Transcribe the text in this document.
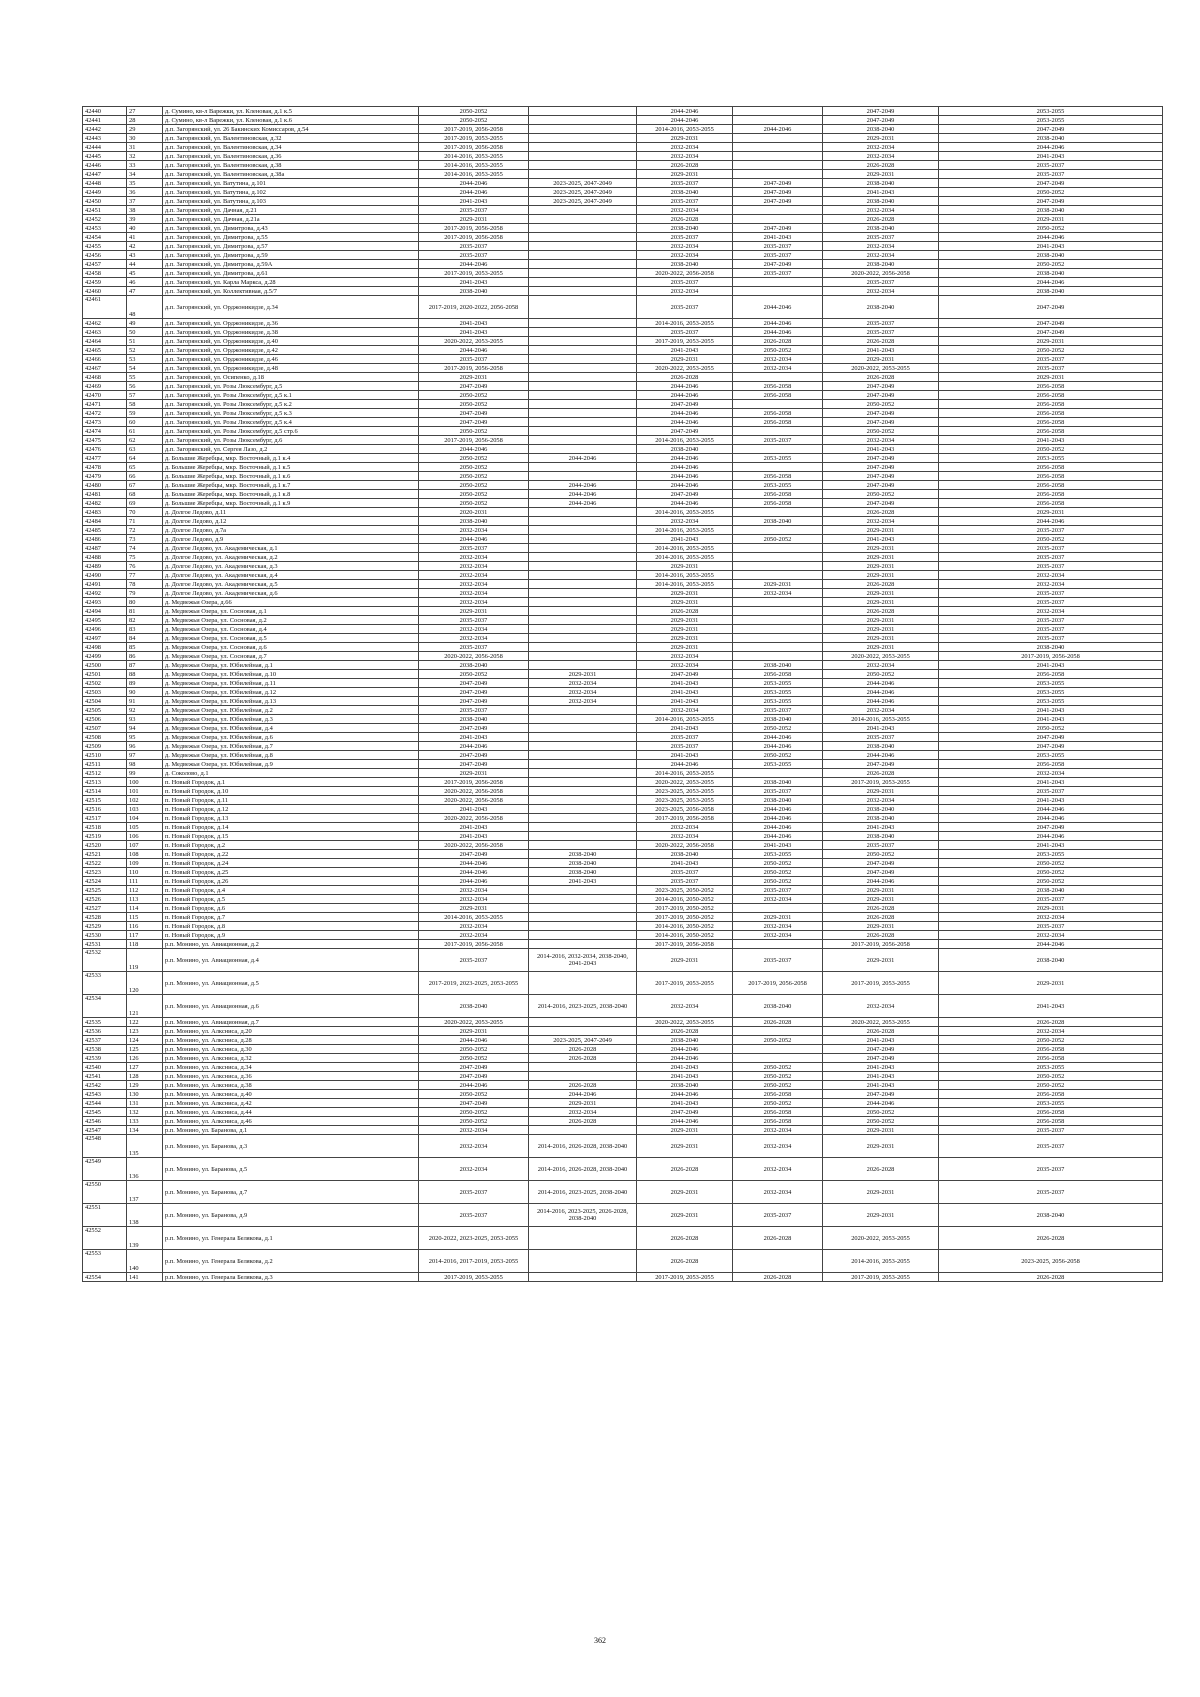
42440	27	д. Сумино, кв-л Варежки, ул. Кленовая, д.1 к.5	2050-2052		2044-2046		2047-2049	2053-2055
42441	28	д. Сумино, кв-л Варежки, ул. Кленовая, д.1 к.6	2050-2052		2044-2046		2047-2049	2053-2055
42442	29	д.п. Загорянский, ул. 26 Бакинских Комиссаров, д.54	2017-2019, 2056-2058		2014-2016, 2053-2055	2044-2046	2038-2040	2047-2049
42443	30	д.п. Загорянский, ул. Валентиновская, д.32	2017-2019, 2053-2055		2029-2031		2029-2031	2038-2040
42444	31	д.п. Загорянский, ул. Валентиновская, д.34	2017-2019, 2056-2058		2032-2034		2032-2034	2044-2046
42445	32	д.п. Загорянский, ул. Валентиновская, д.36	2014-2016, 2053-2055		2032-2034		2032-2034	2041-2043
42446	33	д.п. Загорянский, ул. Валентиновская, д.38	2014-2016, 2053-2055		2026-2028		2026-2028	2035-2037
42447	34	д.п. Загорянский, ул. Валентиновская, д.38а	2014-2016, 2053-2055		2029-2031		2029-2031	2035-2037
42448	35	д.п. Загорянский, ул. Ватутина, д.101	2044-2046	2023-2025, 2047-2049	2035-2037	2047-2049	2038-2040	2047-2049
42449	36	д.п. Загорянский, ул. Ватутина, д.102	2044-2046	2023-2025, 2047-2049	2038-2040	2047-2049	2041-2043	2050-2052
42450	37	д.п. Загорянский, ул. Ватутина, д.103	2041-2043	2023-2025, 2047-2049	2035-2037	2047-2049	2038-2040	2047-2049
42451	38	д.п. Загорянский, ул. Дачная, д.21	2035-2037		2032-2034		2032-2034	2038-2040
42452	39	д.п. Загорянский, ул. Дачная, д.21а	2029-2031		2026-2028		2026-2028	2029-2031
42453	40	д.п. Загорянский, ул. Димитрова, д.43	2017-2019, 2056-2058		2038-2040	2047-2049	2038-2040	2050-2052
42454	41	д.п. Загорянский, ул. Димитрова, д.55	2017-2019, 2056-2058		2035-2037	2041-2043	2035-2037	2044-2046
42455	42	д.п. Загорянский, ул. Димитрова, д.57	2035-2037		2032-2034	2035-2037	2032-2034	2041-2043
42456	43	д.п. Загорянский, ул. Димитрова, д.59	2035-2037		2032-2034	2035-2037	2032-2034	2038-2040
42457	44	д.п. Загорянский, ул. Димитрова, д.59А	2044-2046		2038-2040	2047-2049	2038-2040	2050-2052
42458	45	д.п. Загорянский, ул. Димитрова, д.61	2017-2019, 2053-2055		2020-2022, 2056-2058	2035-2037	2020-2022, 2056-2058	2038-2040
42459	46	д.п. Загорянский, ул. Карла Маркса, д.28	2041-2043		2035-2037		2035-2037	2044-2046
42460	47	д.п. Загорянский, ул. Коллективная, д.5/7	2038-2040		2032-2034		2032-2034	2038-2040
42461	48	д.п. Загорянский, ул. Орджоникидзе, д.34	2017-2019, 2020-2022, 2056-2058		2035-2037	2044-2046	2038-2040	2047-2049
42462	49	д.п. Загорянский, ул. Орджоникидзе, д.36	2041-2043		2014-2016, 2053-2055	2044-2046	2035-2037	2047-2049
42463	50	д.п. Загорянский, ул. Орджоникидзе, д.38	2041-2043		2035-2037	2044-2046	2035-2037	2047-2049
42464	51	д.п. Загорянский, ул. Орджоникидзе, д.40	2020-2022, 2053-2055		2017-2019, 2053-2055	2026-2028	2026-2028	2029-2031
42465	52	д.п. Загорянский, ул. Орджоникидзе, д.42	2044-2046		2041-2043	2050-2052	2041-2043	2050-2052
42466	53	д.п. Загорянский, ул. Орджоникидзе, д.46	2035-2037		2029-2031	2032-2034	2029-2031	2035-2037
42467	54	д.п. Загорянский, ул. Орджоникидзе, д.48	2017-2019, 2056-2058		2020-2022, 2053-2055	2032-2034	2020-2022, 2053-2055	2035-2037
42468	55	д.п. Загорянский, ул. Осипенко, д.18	2029-2031		2026-2028		2026-2028	2029-2031
42469	56	д.п. Загорянский, ул. Розы Люксембург, д.5	2047-2049		2044-2046	2056-2058	2047-2049	2056-2058
42470	57	д.п. Загорянский, ул. Розы Люксембург, д.5 к.1	2050-2052		2044-2046	2056-2058	2047-2049	2056-2058
42471	58	д.п. Загорянский, ул. Розы Люксембург, д.5 к.2	2050-2052		2047-2049		2050-2052	2056-2058
42472	59	д.п. Загорянский, ул. Розы Люксембург, д.5 к.3	2047-2049		2044-2046	2056-2058	2047-2049	2056-2058
42473	60	д.п. Загорянский, ул. Розы Люксембург, д.5 к.4	2047-2049		2044-2046	2056-2058	2047-2049	2056-2058
42474	61	д.п. Загорянский, ул. Розы Люксембург, д.5 стр.6	2050-2052		2047-2049		2050-2052	2056-2058
42475	62	д.п. Загорянский, ул. Розы Люксембург, д.6	2017-2019, 2056-2058		2014-2016, 2053-2055	2035-2037	2032-2034	2041-2043
42476	63	д.п. Загорянский, ул. Сергея Лазо, д.2	2044-2046		2038-2040		2041-2043	2050-2052
42477	64	д. Большие Жеребцы, мкр. Восточный, д.1 к.4	2050-2052	2044-2046	2044-2046	2053-2055	2047-2049	2053-2055
42478	65	д. Большие Жеребцы, мкр. Восточный, д.1 к.5	2050-2052		2044-2046		2047-2049	2056-2058
42479	66	д. Большие Жеребцы, мкр. Восточный, д.1 к.6	2050-2052		2044-2046	2056-2058	2047-2049	2056-2058
42480	67	д. Большие Жеребцы, мкр. Восточный, д.1 к.7	2050-2052	2044-2046	2044-2046	2053-2055	2047-2049	2056-2058
42481	68	д. Большие Жеребцы, мкр. Восточный, д.1 к.8	2050-2052	2044-2046	2047-2049	2056-2058	2050-2052	2056-2058
42482	69	д. Большие Жеребцы, мкр. Восточный, д.1 к.9	2050-2052	2044-2046	2044-2046	2056-2058	2047-2049	2056-2058
42483	70	д. Долгое Ледово, д.11	2020-2031		2014-2016, 2053-2055		2026-2028	2029-2031
42484	71	д. Долгое Ледово, д.12	2038-2040		2032-2034	2038-2040	2032-2034	2044-2046
42485	72	д. Долгое Ледово, д.7а	2032-2034		2014-2016, 2053-2055		2029-2031	2035-2037
42486	73	д. Долгое Ледово, д.9	2044-2046		2041-2043	2050-2052	2041-2043	2050-2052
42487	74	д. Долгое Ледово, ул. Академическая, д.1	2035-2037		2014-2016, 2053-2055		2029-2031	2035-2037
42488	75	д. Долгое Ледово, ул. Академическая, д.2	2032-2034		2014-2016, 2053-2055		2029-2031	2035-2037
42489	76	д. Долгое Ледово, ул. Академическая, д.3	2032-2034		2029-2031		2029-2031	2035-2037
42490	77	д. Долгое Ледово, ул. Академическая, д.4	2032-2034		2014-2016, 2053-2055		2029-2031	2032-2034
42491	78	д. Долгое Ледово, ул. Академическая, д.5	2032-2034		2014-2016, 2053-2055	2029-2031	2026-2028	2032-2034
42492	79	д. Долгое Ледово, ул. Академическая, д.6	2032-2034		2029-2031	2032-2034	2029-2031	2035-2037
42493	80	д. Медвежьи Озера, д.66	2032-2034		2029-2031		2029-2031	2035-2037
42494	81	д. Медвежьи Озера, ул. Сосновая, д.1	2029-2031		2026-2028		2026-2028	2032-2034
42495	82	д. Медвежьи Озера, ул. Сосновая, д.2	2035-2037		2029-2031		2029-2031	2035-2037
42496	83	д. Медвежьи Озера, ул. Сосновая, д.4	2032-2034		2029-2031		2029-2031	2035-2037
42497	84	д. Медвежьи Озера, ул. Сосновая, д.5	2032-2034		2029-2031		2029-2031	2035-2037
42498	85	д. Медвежьи Озера, ул. Сосновая, д.6	2035-2037		2029-2031		2029-2031	2038-2040
42499	86	д. Медвежьи Озера, ул. Сосновая, д.7	2020-2022, 2056-2058		2032-2034		2020-2022, 2053-2055	2017-2019, 2056-2058
42500	87	д. Медвежьи Озера, ул. Юбилейная, д.1	2038-2040		2032-2034	2038-2040	2032-2034	2041-2043
42501	88	д. Медвежьи Озера, ул. Юбилейная, д.10	2050-2052	2029-2031	2047-2049	2056-2058	2050-2052	2056-2058
42502	89	д. Медвежьи Озера, ул. Юбилейная, д.11	2047-2049	2032-2034	2041-2043	2053-2055	2044-2046	2053-2055
42503	90	д. Медвежьи Озера, ул. Юбилейная, д.12	2047-2049	2032-2034	2041-2043	2053-2055	2044-2046	2053-2055
42504	91	д. Медвежьи Озера, ул. Юбилейная, д.13	2047-2049	2032-2034	2041-2043	2053-2055	2044-2046	2053-2055
42505	92	д. Медвежьи Озера, ул. Юбилейная, д.2	2035-2037		2032-2034	2035-2037	2032-2034	2041-2043
42506	93	д. Медвежьи Озера, ул. Юбилейная, д.3	2038-2040		2014-2016, 2053-2055	2038-2040	2014-2016, 2053-2055	2041-2043
42507	94	д. Медвежьи Озера, ул. Юбилейная, д.4	2047-2049		2041-2043	2050-2052	2041-2043	2050-2052
42508	95	д. Медвежьи Озера, ул. Юбилейная, д.6	2041-2043		2035-2037	2044-2046	2035-2037	2047-2049
42509	96	д. Медвежьи Озера, ул. Юбилейная, д.7	2044-2046		2035-2037	2044-2046	2038-2040	2047-2049
42510	97	д. Медвежьи Озера, ул. Юбилейная, д.8	2047-2049		2041-2043	2050-2052	2044-2046	2053-2055
42511	98	д. Медвежьи Озера, ул. Юбилейная, д.9	2047-2049		2044-2046	2053-2055	2047-2049	2056-2058
42512	99	д. Соколово, д.1	2029-2031		2014-2016, 2053-2055		2026-2028	2032-2034
42513	100	п. Новый Городок, д.1	2017-2019, 2056-2058		2020-2022, 2053-2055	2038-2040	2017-2019, 2053-2055	2041-2043
42514	101	п. Новый Городок, д.10	2020-2022, 2056-2058		2023-2025, 2053-2055	2035-2037	2029-2031	2035-2037
42515	102	п. Новый Городок, д.11	2020-2022, 2056-2058		2023-2025, 2053-2055	2038-2040	2032-2034	2041-2043
42516	103	п. Новый Городок, д.12	2041-2043		2023-2025, 2056-2058	2044-2046	2038-2040	2044-2046
42517	104	п. Новый Городок, д.13	2020-2022, 2056-2058		2017-2019, 2056-2058	2044-2046	2038-2040	2044-2046
42518	105	п. Новый Городок, д.14	2041-2043		2032-2034	2044-2046	2041-2043	2047-2049
42519	106	п. Новый Городок, д.15	2041-2043		2032-2034	2044-2046	2038-2040	2044-2046
42520	107	п. Новый Городок, д.2	2020-2022, 2056-2058		2020-2022, 2056-2058	2041-2043	2035-2037	2041-2043
42521	108	п. Новый Городок, д.22	2047-2049	2038-2040	2038-2040	2053-2055	2050-2052	2053-2055
42522	109	п. Новый Городок, д.24	2044-2046	2038-2040	2041-2043	2050-2052	2047-2049	2050-2052
42523	110	п. Новый Городок, д.25	2044-2046	2038-2040	2035-2037	2050-2052	2047-2049	2050-2052
42524	111	п. Новый Городок, д.26	2044-2046	2041-2043	2035-2037	2050-2052	2044-2046	2050-2052
42525	112	п. Новый Городок, д.4	2032-2034		2023-2025, 2050-2052	2035-2037	2029-2031	2038-2040
42526	113	п. Новый Городок, д.5	2032-2034		2014-2016, 2050-2052	2032-2034	2029-2031	2035-2037
42527	114	п. Новый Городок, д.6	2029-2031		2017-2019, 2050-2052		2026-2028	2029-2031
42528	115	п. Новый Городок, д.7	2014-2016, 2053-2055		2017-2019, 2050-2052	2029-2031	2026-2028	2032-2034
42529	116	п. Новый Городок, д.8	2032-2034		2014-2016, 2050-2052	2032-2034	2029-2031	2035-2037
42530	117	п. Новый Городок, д.9	2032-2034		2014-2016, 2050-2052	2032-2034	2026-2028	2032-2034
42531	118	р.п. Монино, ул. Авиационная, д.2	2017-2019, 2056-2058		2017-2019, 2056-2058		2017-2019, 2056-2058	2044-2046
42532	119	р.п. Монино, ул. Авиационная, д.4	2035-2037	2014-2016, 2032-2034, 2038-2040, 2041-2043	2029-2031	2035-2037	2029-2031	2038-2040
42533	120	р.п. Монино, ул. Авиационная, д.5	2017-2019, 2023-2025, 2053-2055		2017-2019, 2053-2055	2017-2019, 2056-2058	2017-2019, 2053-2055	2029-2031
42534	121	р.п. Монино, ул. Авиационная, д.6	2038-2040	2014-2016, 2023-2025, 2038-2040	2032-2034	2038-2040	2032-2034	2041-2043
42535	122	р.п. Монино, ул. Авиационная, д.7	2020-2022, 2053-2055		2020-2022, 2053-2055	2026-2028	2020-2022, 2053-2055	2026-2028
42536	123	р.п. Монино, ул. Алксниса, д.20	2029-2031		2026-2028		2026-2028	2032-2034
42537	124	р.п. Монино, ул. Алксниса, д.28	2044-2046	2023-2025, 2047-2049	2038-2040	2050-2052	2041-2043	2050-2052
42538	125	р.п. Монино, ул. Алксниса, д.30	2050-2052	2026-2028	2044-2046		2047-2049	2056-2058
42539	126	р.п. Монино, ул. Алксниса, д.32	2050-2052	2026-2028	2044-2046		2047-2049	2056-2058
42540	127	р.п. Монино, ул. Алксниса, д.34	2047-2049		2041-2043	2050-2052	2041-2043	2053-2055
42541	128	р.п. Монино, ул. Алксниса, д.36	2047-2049		2041-2043	2050-2052	2041-2043	2050-2052
42542	129	р.п. Монино, ул. Алксниса, д.38	2044-2046	2026-2028	2038-2040	2050-2052	2041-2043	2050-2052
42543	130	р.п. Монино, ул. Алксниса, д.40	2050-2052	2044-2046	2044-2046	2056-2058	2047-2049	2056-2058
42544	131	р.п. Монино, ул. Алксниса, д.42	2047-2049	2029-2031	2041-2043	2050-2052	2044-2046	2053-2055
42545	132	р.п. Монино, ул. Алксниса, д.44	2050-2052	2032-2034	2047-2049	2056-2058	2050-2052	2056-2058
42546	133	р.п. Монино, ул. Алксниса, д.46	2050-2052	2026-2028	2044-2046	2056-2058	2050-2052	2056-2058
42547	134	р.п. Монино, ул. Баранова, д.1	2032-2034		2029-2031	2032-2034	2029-2031	2035-2037
42548	135	р.п. Монино, ул. Баранова, д.3	2032-2034	2014-2016, 2026-2028, 2038-2040	2029-2031	2032-2034	2029-2031	2035-2037
42549	136	р.п. Монино, ул. Баранова, д.5	2032-2034	2014-2016, 2026-2028, 2038-2040	2026-2028	2032-2034	2026-2028	2035-2037
42550	137	р.п. Монино, ул. Баранова, д.7	2035-2037	2014-2016, 2023-2025, 2038-2040	2029-2031	2032-2034	2029-2031	2035-2037
42551	138	р.п. Монино, ул. Баранова, д.9	2035-2037	2014-2016, 2023-2025, 2026-2028, 2038-2040	2029-2031	2035-2037	2029-2031	2038-2040
42552	139	р.п. Монино, ул. Генерала Белякова, д.1	2020-2022, 2023-2025, 2053-2055		2026-2028	2026-2028	2020-2022, 2053-2055	2026-2028
42553	140	р.п. Монино, ул. Генерала Белякова, д.2	2014-2016, 2017-2019, 2053-2055		2026-2028		2014-2016, 2053-2055	2023-2025, 2056-2058
42554	141	р.п. Монино, ул. Генерала Белякова, д.3	2017-2019, 2053-2055		2017-2019, 2053-2055	2026-2028	2017-2019, 2053-2055	2026-2028
362
